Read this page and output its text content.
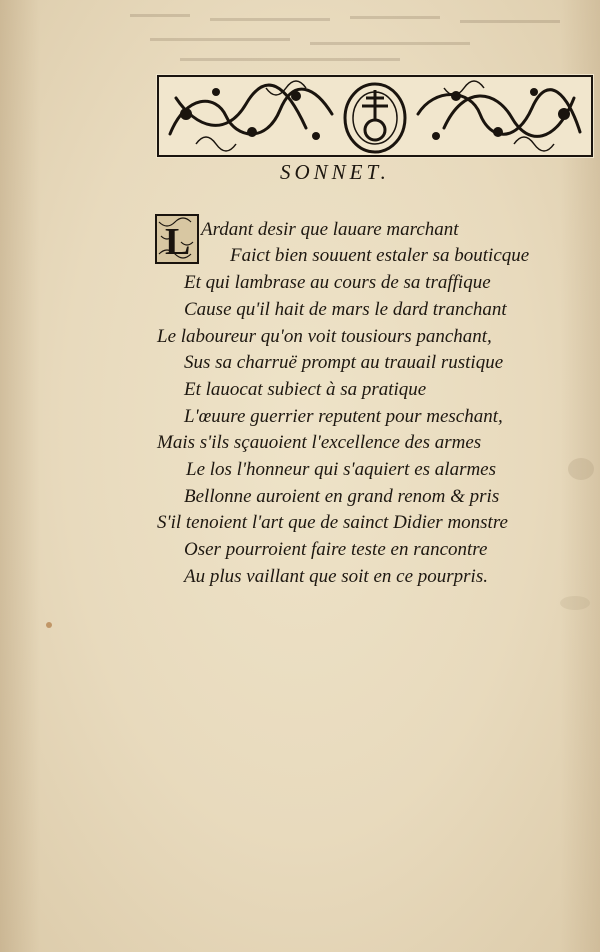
SONNET.
L Ardant desir que lauare marchant
Faict bien souuent estaler sa bouticque
Et qui lambrase au cours de sa traffique
Cause qu'il hait de mars le dard tranchant
Le laboureur qu'on voit tousiours panchant,
Sus sa charruë prompt au trauail rustique
Et lauocat subiect à sa pratique
L'œuure guerrier reputent pour meschant,
Mais s'ils sçauoient l'excellence des armes
Le los l'honneur qui s'aquiert es alarmes
Bellonne auroient en grand renom & pris
S'il tenoient l'art que de sainct Didier monstre
Oser pourroient faire teste en rancontre
Au plus vaillant que soit en ce pourpris.
